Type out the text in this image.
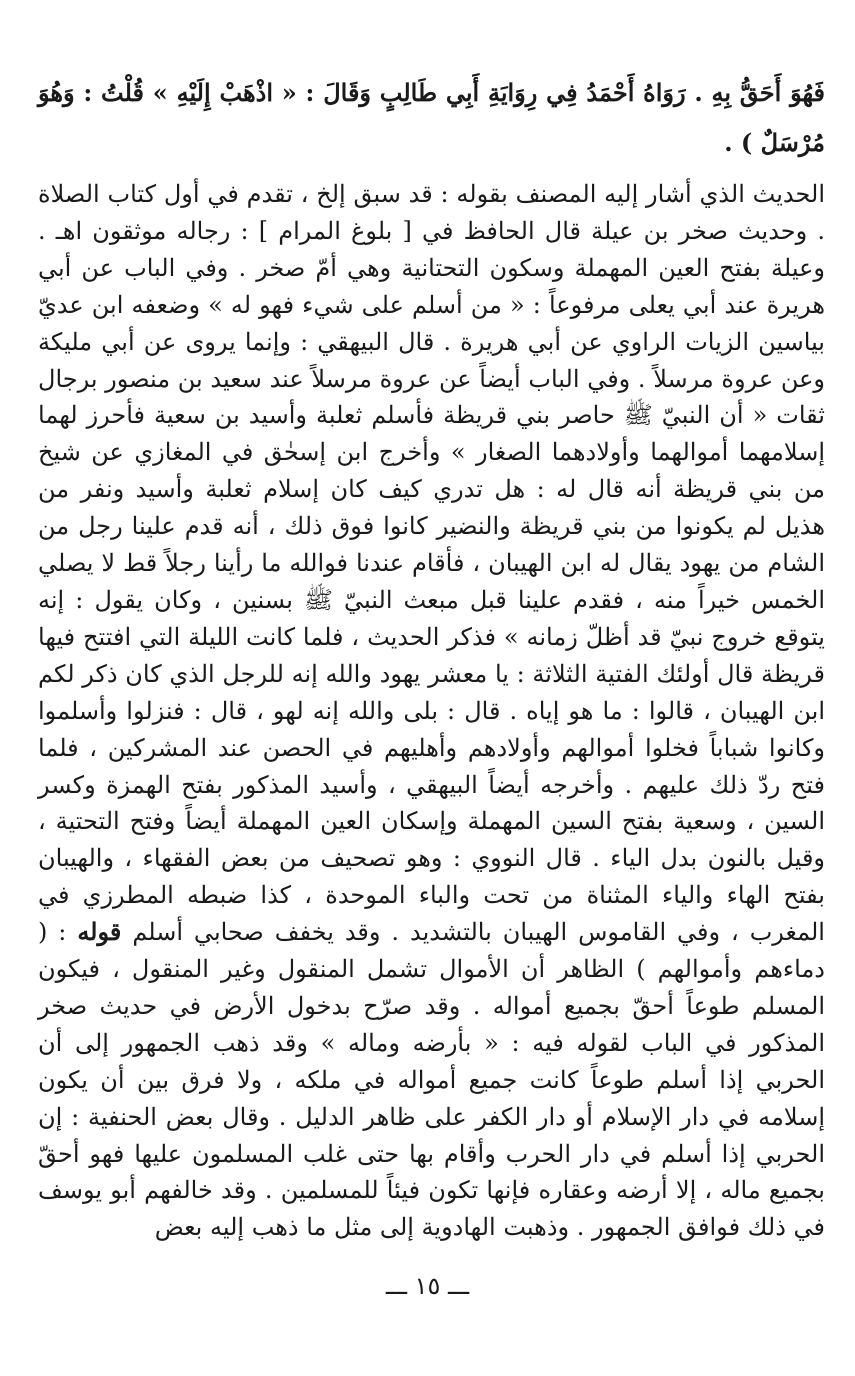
فَهُوَ أَحَقُّ بِهِ . رَوَاهُ أَحْمَدُ فِي رِوَايَةِ أَبِي طَالِبٍ وَقَالَ : « اذْهَبْ إِلَيْهِ » قُلْتُ : وَهُوَ مُرْسَلٌ ) .

الحديث الذي أشار إليه المصنف بقوله : قد سبق إلخ ، تقدم في أول كتاب الصلاة . وحديث صخر بن عيلة قال الحافظ في [ بلوغ المرام ] : رجاله موثقون اهـ . وعيلة بفتح العين المهملة وسكون التحتانية وهي أمّ صخر . وفي الباب عن أبي هريرة عند أبي يعلى مرفوعاً : « من أسلم على شيء فهو له » وضعفه ابن عديّ بياسين الزيات الراوي عن أبي هريرة . قال البيهقي : وإنما يروى عن أبي مليكة وعن عروة مرسلاً . وفي الباب أيضاً عن عروة مرسلاً عند سعيد بن منصور برجال ثقات « أن النبيّ ﷺ حاصر بني قريظة فأسلم ثعلبة وأسيد بن سعية فأحرز لهما إسلامهما أموالهما وأولادهما الصغار » وأخرج ابن إسحٰق في المغازي عن شيخ من بني قريظة أنه قال له : هل تدري كيف كان إسلام ثعلبة وأسيد ونفر من هذيل لم يكونوا من بني قريظة والنضير كانوا فوق ذلك ، أنه قدم علينا رجل من الشام من يهود يقال له ابن الهيبان ، فأقام عندنا فوالله ما رأينا رجلاً قط لا يصلي الخمس خيراً منه ، فقدم علينا قبل مبعث النبيّ ﷺ بسنين ، وكان يقول : إنه يتوقع خروج نبيّ قد أظلّ زمانه » فذكر الحديث ، فلما كانت الليلة التي افتتح فيها قريظة قال أولئك الفتية الثلاثة : يا معشر يهود والله إنه للرجل الذي كان ذكر لكم ابن الهيبان ، قالوا : ما هو إياه . قال : بلى والله إنه لهو ، قال : فنزلوا وأسلموا وكانوا شباباً فخلوا أموالهم وأولادهم وأهليهم في الحصن عند المشركين ، فلما فتح ردّ ذلك عليهم . وأخرجه أيضاً البيهقي ، وأسيد المذكور بفتح الهمزة وكسر السين ، وسعية بفتح السين المهملة وإسكان العين المهملة أيضاً وفتح التحتية ، وقيل بالنون بدل الياء . قال النووي : وهو تصحيف من بعض الفقهاء ، والهيبان بفتح الهاء والياء المثناة من تحت والباء الموحدة ، كذا ضبطه المطرزي في المغرب ، وفي القاموس الهيبان بالتشديد . وقد يخفف صحابي أسلم قوله : ( دماءهم وأموالهم ) الظاهر أن الأموال تشمل المنقول وغير المنقول ، فيكون المسلم طوعاً أحقّ بجميع أمواله . وقد صرّح بدخول الأرض في حديث صخر المذكور في الباب لقوله فيه : « بأرضه وماله » وقد ذهب الجمهور إلى أن الحربي إذا أسلم طوعاً كانت جميع أمواله في ملكه ، ولا فرق بين أن يكون إسلامه في دار الإسلام أو دار الكفر على ظاهر الدليل . وقال بعض الحنفية : إن الحربي إذا أسلم في دار الحرب وأقام بها حتى غلب المسلمون عليها فهو أحقّ بجميع ماله ، إلا أرضه وعقاره فإنها تكون فيئاً للمسلمين . وقد خالفهم أبو يوسف في ذلك فوافق الجمهور . وذهبت الهادوية إلى مثل ما ذهب إليه بعض

ـــ ١٥ ـــ
